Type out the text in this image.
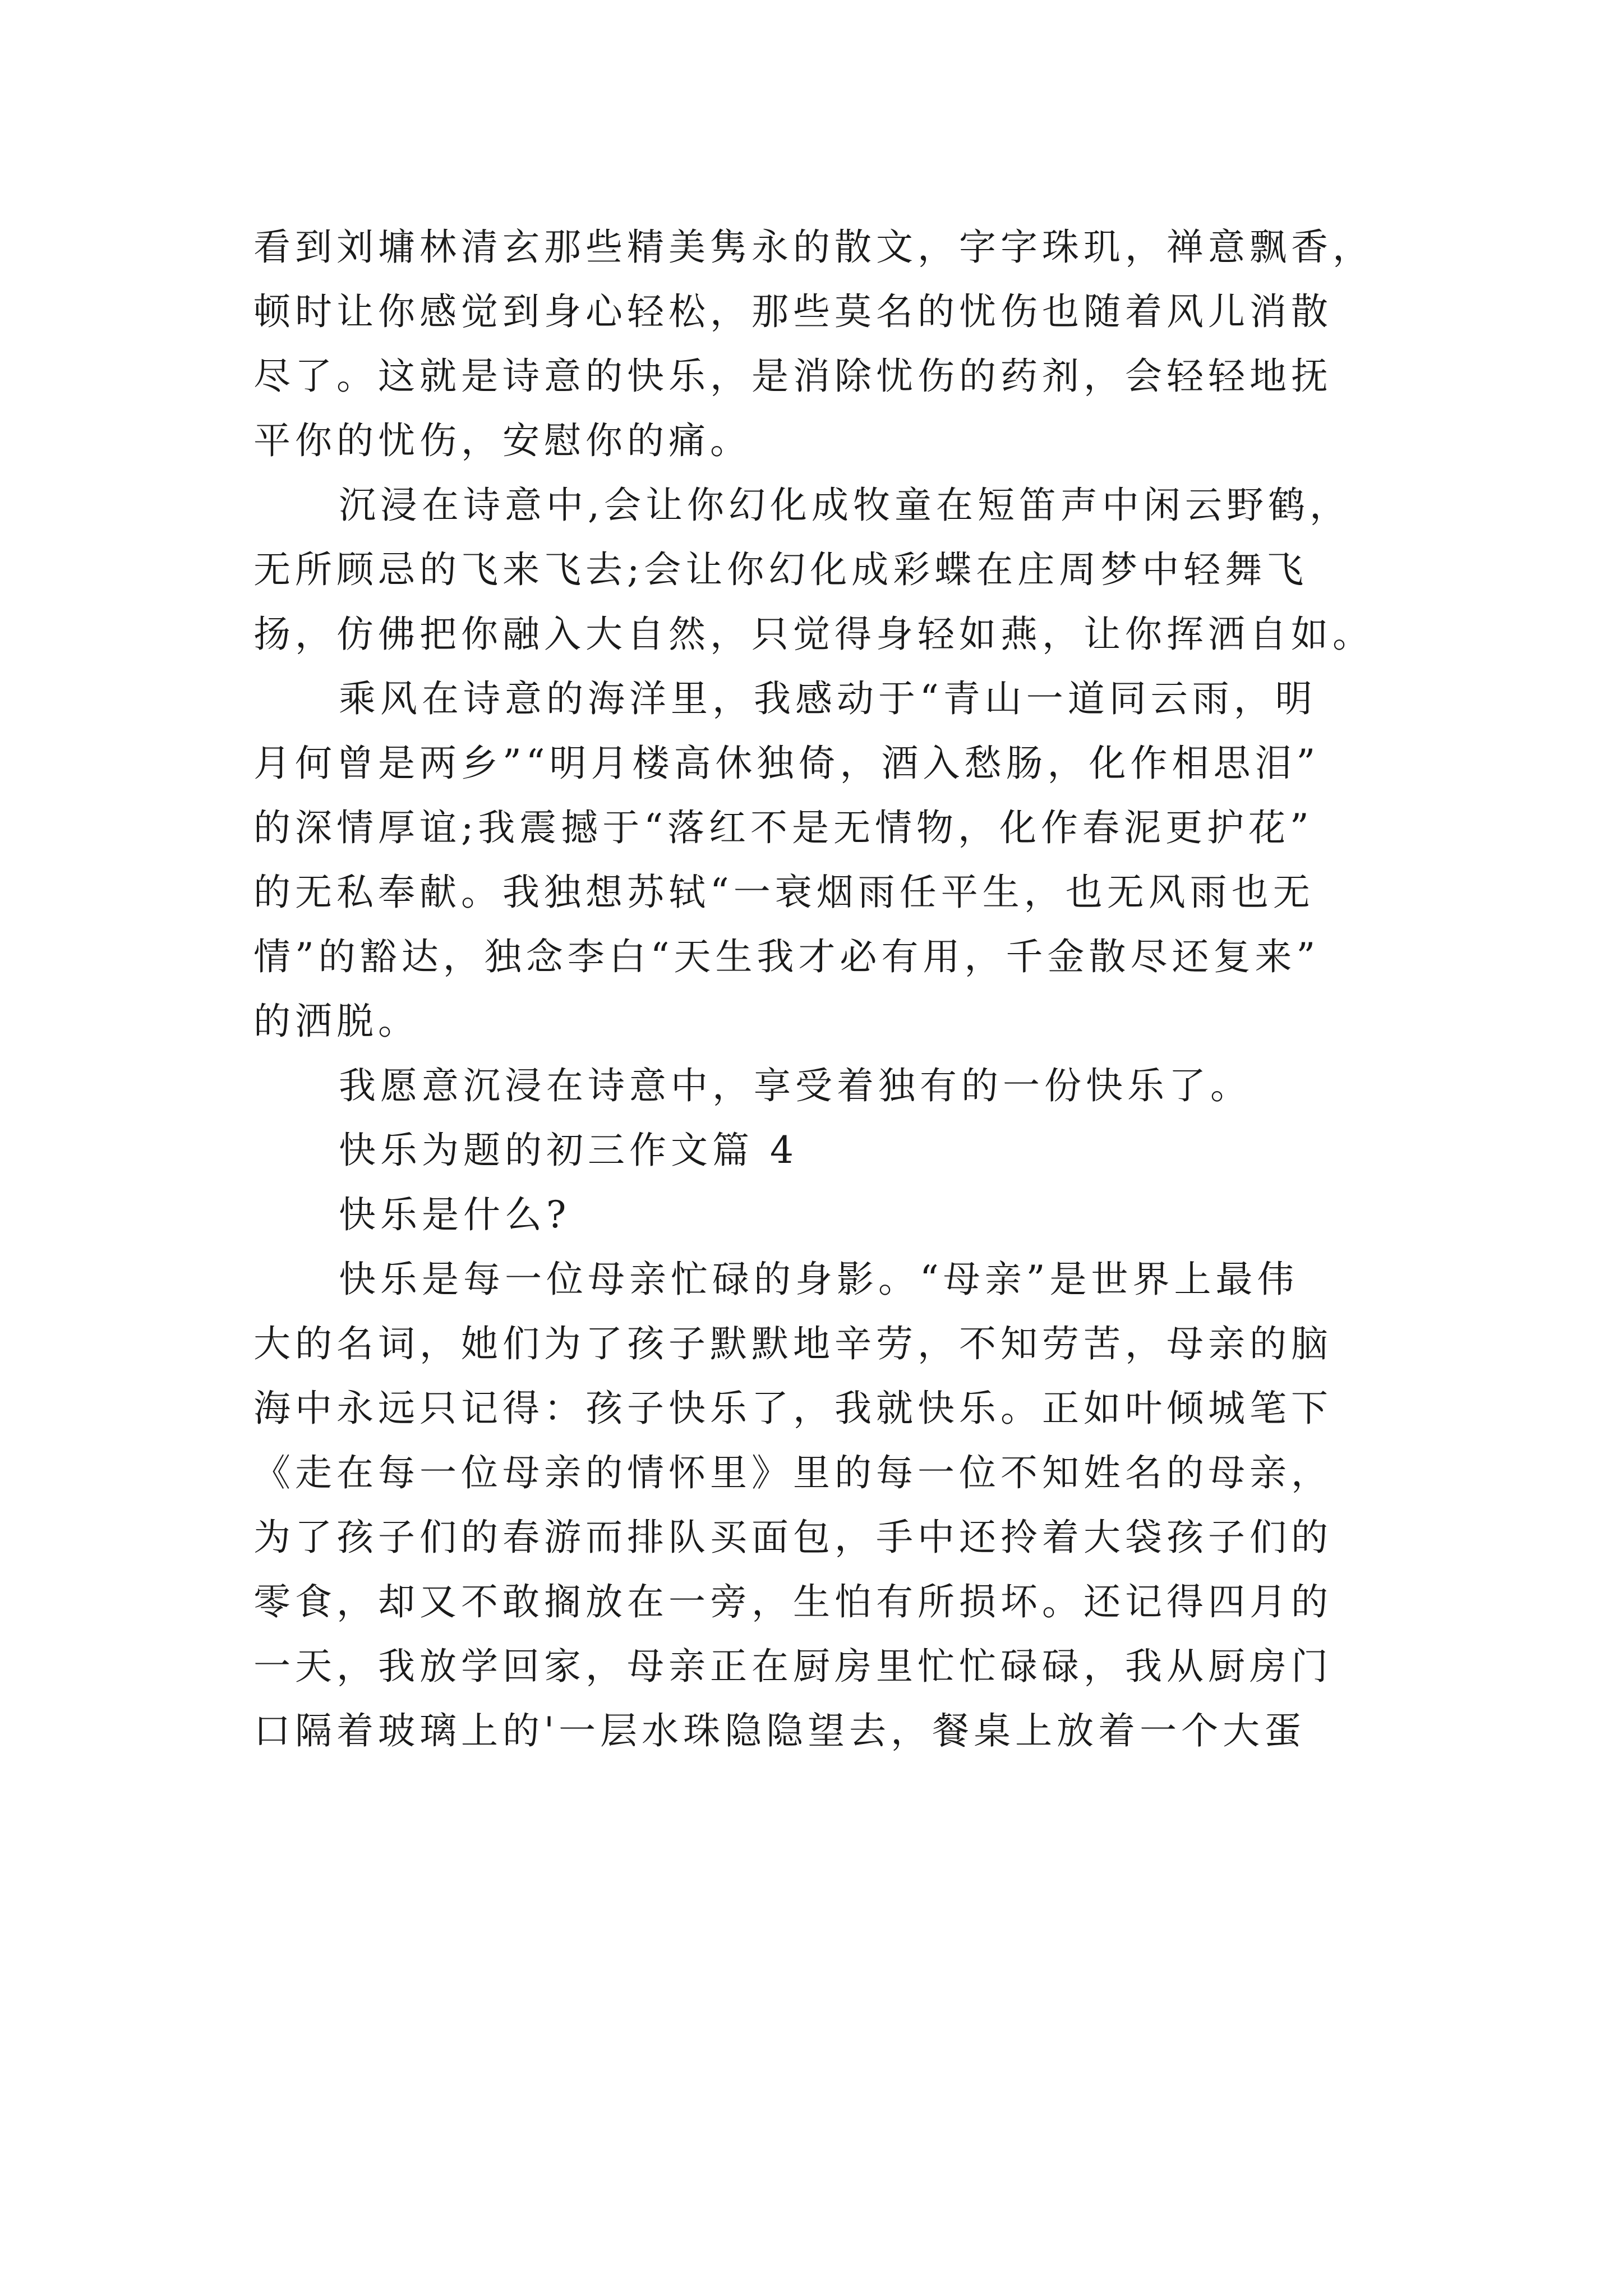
看到刘墉林清玄那些精美隽永的散文，字字珠玑，禅意飘香，
顿时让你感觉到身心轻松，那些莫名的忧伤也随着风儿消散
尽了。这就是诗意的快乐，是消除忧伤的药剂，会轻轻地抚
平你的忧伤，安慰你的痛。
沉浸在诗意中,会让你幻化成牧童在短笛声中闲云野鹤，
无所顾忌的飞来飞去;会让你幻化成彩蝶在庄周梦中轻舞飞
扬，仿佛把你融入大自然，只觉得身轻如燕，让你挥洒自如。
乘风在诗意的海洋里，我感动于“青山一道同云雨，明
月何曾是两乡”“明月楼高休独倚，酒入愁肠，化作相思泪”
的深情厚谊;我震撼于“落红不是无情物，化作春泥更护花”
的无私奉献。我独想苏轼“一衰烟雨任平生，也无风雨也无
情”的豁达，独念李白“天生我才必有用，千金散尽还复来”
的洒脱。
我愿意沉浸在诗意中，享受着独有的一份快乐了。
快乐为题的初三作文篇 4
快乐是什么?
快乐是每一位母亲忙碌的身影。“母亲”是世界上最伟
大的名词，她们为了孩子默默地辛劳，不知劳苦，母亲的脑
海中永远只记得：孩子快乐了，我就快乐。正如叶倾城笔下
《走在每一位母亲的情怀里》里的每一位不知姓名的母亲，
为了孩子们的春游而排队买面包，手中还拎着大袋孩子们的
零食，却又不敢搁放在一旁，生怕有所损坏。还记得四月的
一天，我放学回家，母亲正在厨房里忙忙碌碌，我从厨房门
口隔着玻璃上的'一层水珠隐隐望去，餐桌上放着一个大蛋
